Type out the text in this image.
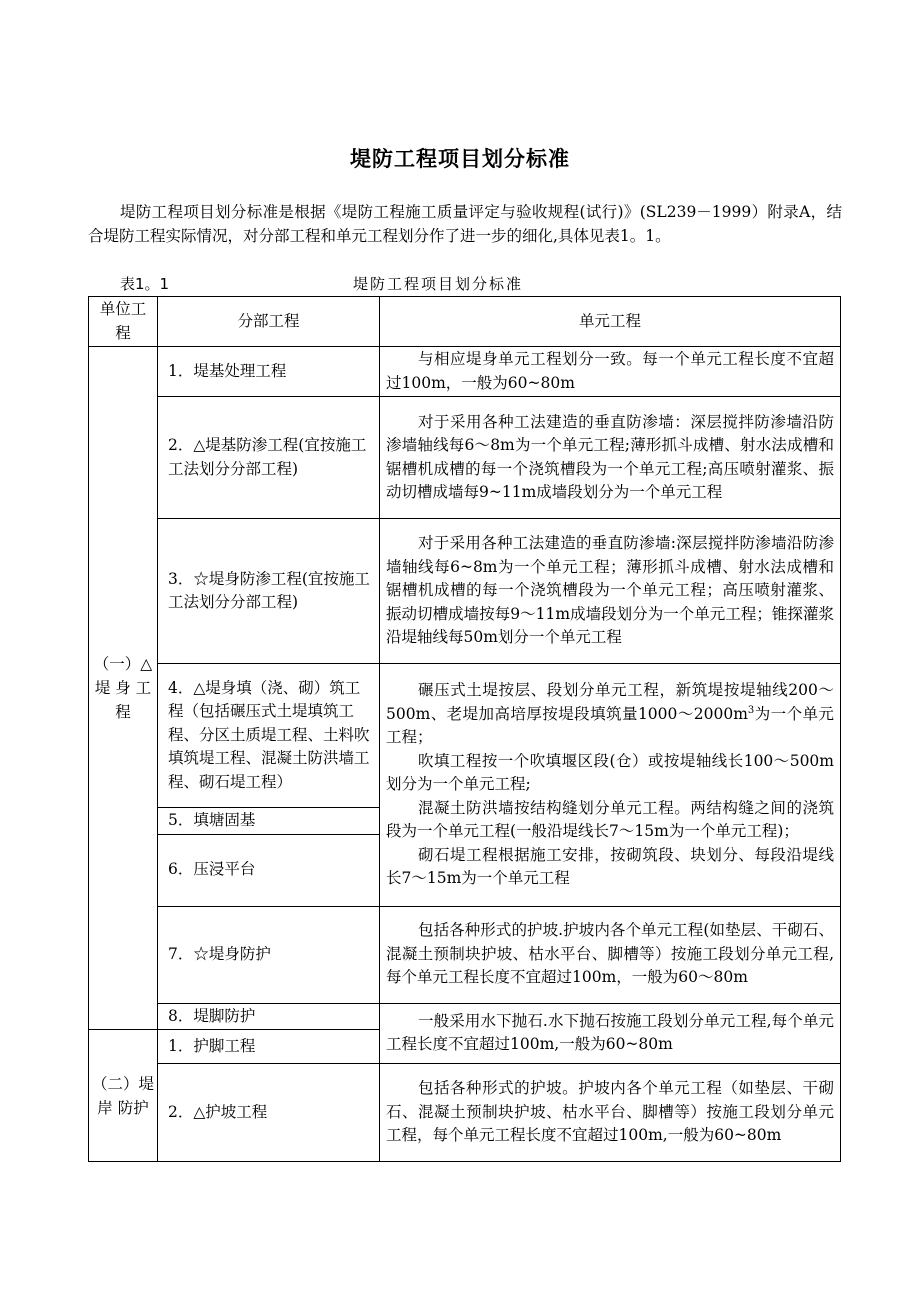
堤防工程项目划分标准
堤防工程项目划分标准是根据《堤防工程施工质量评定与验收规程(试行)》(SL239－1999）附录A，结合堤防工程实际情况，对分部工程和单元工程划分作了进一步的细化,具体见表1。1。
表1。1	堤防工程项目划分标准
单位工程	分部工程	单元工程
（一）△ 堤 身 工 程	1．堤基处理工程	与相应堤身单元工程划分一致。每一个单元工程长度不宜超过100m，一般为60~80m

	2．△堤基防渗工程(宜按施工工法划分分部工程)	对于采用各种工法建造的垂直防渗墙：深层搅拌防渗墙沿防渗墙轴线每6～8m为一个单元工程;薄形抓斗成槽、射水法成槽和锯槽机成槽的每一个浇筑槽段为一个单元工程;高压喷射灌浆、振动切槽成墙每9~11m成墙段划分为一个单元工程

	3．☆堤身防渗工程(宜按施工工法划分分部工程)	对于采用各种工法建造的垂直防渗墙:深层搅拌防渗墙沿防渗墙轴线每6~8m为一个单元工程；薄形抓斗成槽、射水法成槽和锯槽机成槽的每一个浇筑槽段为一个单元工程；高压喷射灌浆、振动切槽成墙按每9～11m成墙段划分为一个单元工程；锥探灌浆沿堤轴线每50m划分一个单元工程

	4．△堤身填（浇、砌）筑工程（包括碾压式土堤填筑工程、分区土质堤工程、土料吹填筑堤工程、混凝土防洪墙工程、砌石堤工程）	碾压式土堤按层、段划分单元工程，新筑堤按堤轴线200～500m、老堤加高培厚按堤段填筑量$1000\sim 2000m^3$为一个单元工程；

吹填工程按一个吹填堰区段(仓）或按堤轴线长100～500m划分为一个单元工程;

混凝土防洪墙按结构缝划分单元工程。两结构缝之间的浇筑段为一个单元工程(一般沿堤线长7～15m为一个单元工程)；

砌石堤工程根据施工安排，按砌筑段、块划分、每段沿堤线长7～15m为一个单元工程

	5．填塘固基	
	6．压浸平台	
	7．☆堤身防护	包括各种形式的护坡.护坡内各个单元工程(如垫层、干砌石、混凝土预制块护坡、枯水平台、脚槽等）按施工段划分单元工程,每个单元工程长度不宜超过100m，一般为60～80m

	8．堤脚防护	一般采用水下抛石.水下抛石按施工段划分单元工程,每个单元工程长度不宜超过100m,一般为60~80m

（二）堤 岸 防护	1．护脚工程	
	2．△护坡工程	包括各种形式的护坡。护坡内各个单元工程（如垫层、干砌石、混凝土预制块护坡、枯水平台、脚槽等）按施工段划分单元工程，每个单元工程长度不宜超过100m,一般为60~80m
